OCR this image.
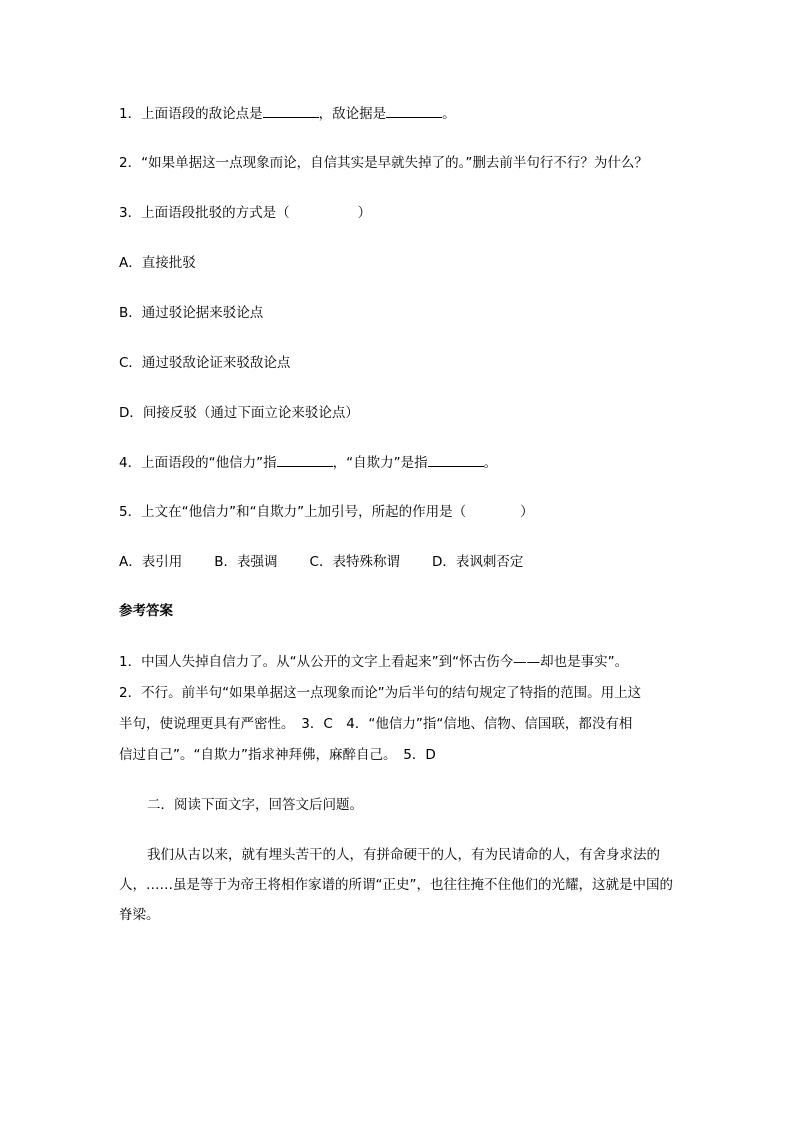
1．上面语段的敌论点是	，敌论据是	。
2．“如果单据这一点现象而论，自信其实是早就失掉了的。”删去前半句行不行？为什么？
3．上面语段批驳的方式是（	）
A．直接批驳
B．通过驳论据来驳论点
C．通过驳敌论证来驳敌论点
D．间接反驳（通过下面立论来驳论点）
4．上面语段的“他信力”指	，“自欺力”是指	。
5．上文在“他信力”和“自欺力”上加引号，所起的作用是（	）
A．表引用 B．表强调 C．表特殊称谓 D．表讽刺否定
参考答案
1．中国人失掉自信力了。从“从公开的文字上看起来”到“怀古伤今——却也是事实”。
2．不行。前半句“如果单据这一点现象而论”为后半句的结句规定了特指的范围。用上这
半句，使说理更具有严密性。　3．C　4．“他信力”指“信地、信物、信国联，都没有相
信过自己”。“自欺力”指求神拜佛，麻醉自己。　5．D
二．阅读下面文字，回答文后问题。
我们从古以来，就有埋头苦干的人，有拼命硬干的人，有为民请命的人，有舍身求法的人，……虽是等于为帝王将相作家谱的所谓“正史”，也往往掩不住他们的光耀，这就是中国的脊梁。
